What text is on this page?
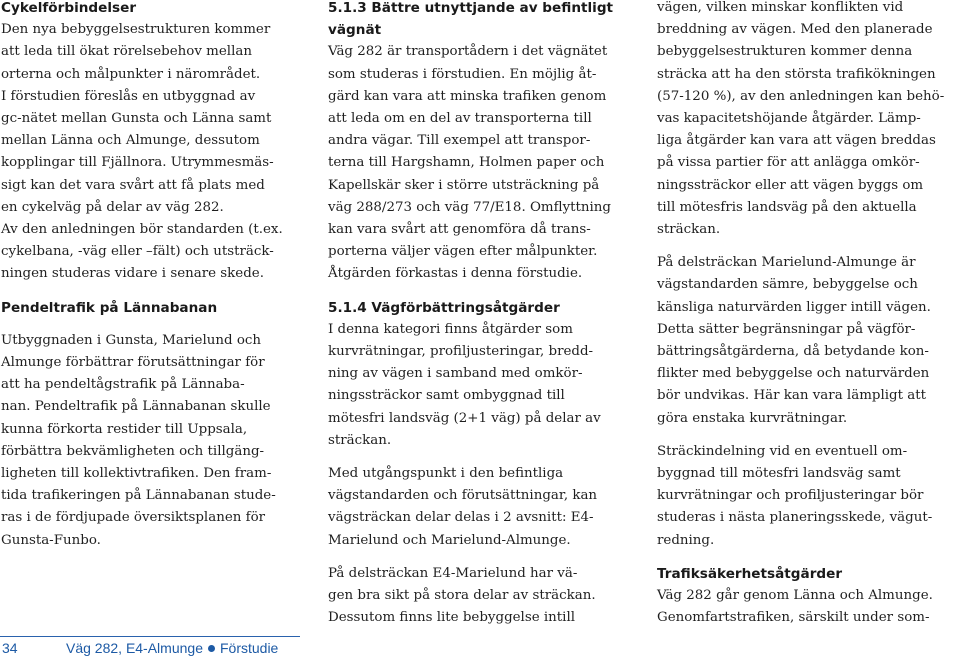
Cykelförbindelser

Den nya bebyggelsestrukturen kommer
att leda till ökat rörelsebehov mellan
orterna och målpunkter i närområdet.
I förstudien föreslås en utbyggnad av
gc-nätet mellan Gunsta och Länna samt
mellan Länna och Almunge, dessutom
kopplingar till Fjällnora. Utrymmesmäs-
sigt kan det vara svårt att få plats med
en cykelväg på delar av väg 282.
Av den anledningen bör standarden (t.ex.
cykelbana, -väg eller –fält) och utsträck-
ningen studeras vidare i senare skede.

Pendeltrafik på Lännabanan

Utbyggnaden i Gunsta, Marielund och
Almunge förbättrar förutsättningar för
att ha pendeltågstrafik på Lännaba-
nan. Pendeltrafik på Lännabanan skulle
kunna förkorta restider till Uppsala,
förbättra bekvämligheten och tillgäng-
ligheten till kollektivtrafiken. Den fram-
tida trafikeringen på Lännabanan stude-
ras i de fördjupade översiktsplanen för
Gunsta-Funbo.

5.1.3 Bättre utnyttjande av befintligt
vägnät

Väg 282 är transportådern i det vägnätet
som studeras i förstudien. En möjlig åt-
gärd kan vara att minska trafiken genom
att leda om en del av transporterna till
andra vägar. Till exempel att transpor-
terna till Hargshamn, Holmen paper och
Kapellskär sker i större utsträckning på
väg 288/273 och väg 77/E18. Omflyttning
kan vara svårt att genomföra då trans-
porterna väljer vägen efter målpunkter.
Åtgärden förkastas i denna förstudie.

5.1.4 Vägförbättringsåtgärder

I denna kategori finns åtgärder som
kurvrätningar, profiljusteringar, bredd-
ning av vägen i samband med omkör-
ningssträckor samt ombyggnad till
mötesfri landsväg (2+1 väg) på delar av
sträckan.

Med utgångspunkt i den befintliga
vägstandarden och förutsättningar, kan
vägsträckan delar delas i 2 avsnitt: E4-
Marielund och Marielund-Almunge.

På delsträckan E4-Marielund har vä-
gen bra sikt på stora delar av sträckan.
Dessutom finns lite bebyggelse intill

vägen, vilken minskar konflikten vid
breddning av vägen. Med den planerade
bebyggelsestrukturen kommer denna
sträcka att ha den största trafikökningen
(57-120 %), av den anledningen kan behö-
vas kapacitetshöjande åtgärder. Lämp-
liga åtgärder kan vara att vägen breddas
på vissa partier för att anlägga omkör-
ningssträckor eller att vägen byggs om
till mötesfris landsväg på den aktuella
sträckan.

På delsträckan Marielund-Almunge är
vägstandarden sämre, bebyggelse och
känsliga naturvärden ligger intill vägen.
Detta sätter begränsningar på vägför-
bättringsåtgärderna, då betydande kon-
flikter med bebyggelse och naturvärden
bör undvikas. Här kan vara lämpligt att
göra enstaka kurvrätningar.

Sträckindelning vid en eventuell om-
byggnad till mötesfri landsväg samt
kurvrätningar och profiljusteringar bör
studeras i nästa planeringsskede, vägut-
redning.

Trafiksäkerhetsåtgärder

Väg 282 går genom Länna och Almunge.
Genomfartstrafiken, särskilt under som-

34	Väg 282, E4-Almunge Förstudie
